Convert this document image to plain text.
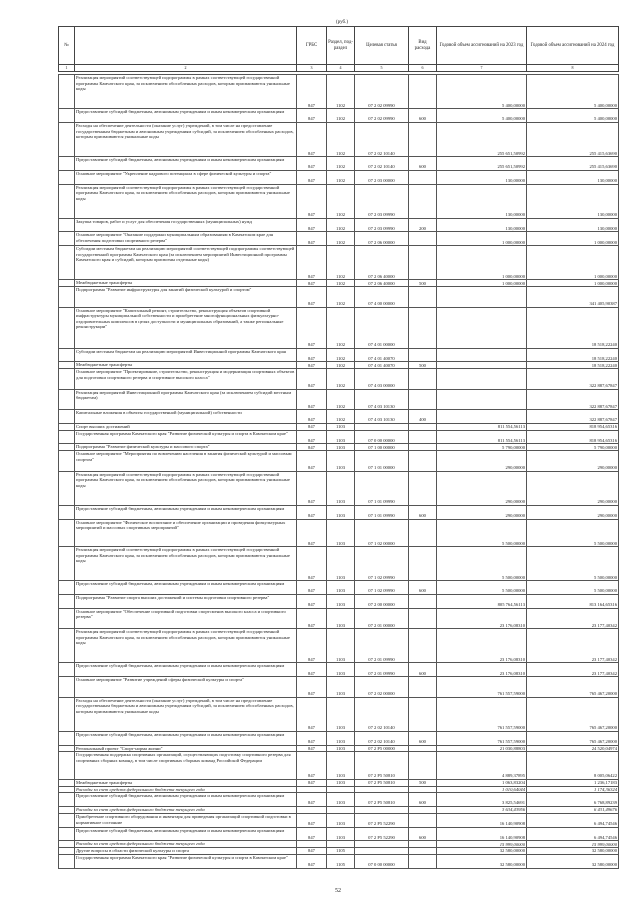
(руб.)
№		ГРБС	Раздел, под-раздел	Целевая статья	Вид расхода	Годовой объем ассигнований на 2023 год	Годовой объем ассигнований на 2024 год
1	2	3	4	5	6	7	8
	Реализация мероприятий соответствующей подпрограммы в рамках соответствующей государственной программы Камчатского края, за исключением обособленных расходов, которым присваиваются уникальные коды	847	1102	07 2 02 09990		5 400,00000	5 400,00000
	Предоставление субсидий бюджетным, автономным учреждениям и иным некоммерческим организациям	847	1102	07 2 02 09990	600	5 400,00000	5 400,00000
	Расходы на обеспечение деятельности (оказание услуг) учреждений, в том числе на предоставление государственным бюджетным и автономным учреждениям субсидий, за исключением обособленных расходов, которым присваиваются уникальные коды	847	1102	07 2 02 10140		255 651,50992	255 415,63690
	Предоставление субсидий бюджетным, автономным учреждениям и иным некоммерческим организациям	847	1102	07 2 02 10140	600	255 651,50992	255 415,63690
	Основное мероприятие "Укрепление кадрового потенциала в сфере физической культуры и спорта"	847	1102	07 2 03 00000		130,00000	130,00000
	Реализация мероприятий соответствующей подпрограммы в рамках соответствующей государственной программы Камчатского края, за исключением обособленных расходов, которым присваиваются уникальные коды	847	1102	07 2 03 09990		130,00000	130,00000
	Закупка товаров, работ и услуг для обеспечения государственных (муниципальных) нужд	847	1102	07 2 03 09990	200	130,00000	130,00000
	Основное мероприятие "Оказание поддержки муниципальным образованиям в Камчатском крае для обеспечения подготовки спортивного резерва"	847	1102	07 2 06 00000		1 000,00000	1 000,00000
	Субсидии местным бюджетам на реализацию мероприятий соответствующей подпрограммы соответствующей государственной программы Камчатского края (за исключением мероприятий Инвестиционной программы Камчатского края и субсидий, которым присвоены отдельные коды)	847	1102	07 2 06 40000		1 000,00000	1 000,00000
	Межбюджетные трансферты	847	1102	07 2 06 40000	500	1 000,00000	1 000,00000
	Подпрограмма "Развитие инфраструктуры для занятий физической культурой и спортом"	847	1102	07 4 00 00000			341 405,90387
	Основное мероприятие "Капитальный ремонт, строительство, реконструкция объектов спортивной инфраструктуры муниципальной собственности и приобретение многофункциональных физкультурно-оздоровительных комплексов в целях доступности и муниципальных образований, а также региональные реконструкции"	847	1102	07 4 01 00000			18 518,22240
	Субсидии местным бюджетам на реализацию мероприятий Инвестиционной программы Камчатского края	847	1102	07 4 01 40070			18 518,22240
	Межбюджетные трансферты	847	1102	07 4 01 40070	500		18 518,22240
	Основное мероприятие "Проектирование, строительство, реконструкция и модернизация спортивных объектов для подготовки спортивного резерва и спортивное высокого класса"	847	1102	07 4 03 00000			322 887,67847
	Реализация мероприятий Инвестиционной программы Камчатского края (за исключением субсидий местным бюджетам)	847	1102	07 4 03 10130			322 887,67847
	Капитальные вложения в объекты государственной (муниципальной) собственности	847	1102	07 4 03 10130	400		322 887,67847
	Спорт высших достижений	847	1103			811 554,56113	818 954,65316
	Государственная программа Камчатского края "Развитие физической культуры и спорта в Камчатском крае"	847	1103	07 0 00 00000		811 554,56113	818 954,65316
	Подпрограмма "Развитие физической культуры и массового спорта"	847	1103	07 1 00 00000		5 790,00000	5 790,00000
	Основное мероприятие "Мероприятия по вовлечению населения в занятия физической культурой и массовым спортом"	847	1103	07 1 01 00000		290,00000	290,00000
	Реализация мероприятий соответствующей подпрограммы в рамках соответствующей государственной программы Камчатского края, за исключением обособленных расходов, которым присваиваются уникальные коды	847	1103	07 1 01 09990		290,00000	290,00000
	Предоставление субсидий бюджетным, автономным учреждениям и иным некоммерческим организациям	847	1103	07 1 01 09990	600	290,00000	290,00000
	Основное мероприятие "Физическое воспитание и обеспечение организации и проведения физкультурных мероприятий и массовых спортивных мероприятий"	847	1103	07 1 02 00000		5 500,00000	5 500,00000
	Реализация мероприятий соответствующей подпрограммы в рамках соответствующей государственной программы Камчатского края, за исключением обособленных расходов, которым присваиваются уникальные коды	847	1103	07 1 02 09990		5 500,00000	5 500,00000
	Предоставление субсидий бюджетным, автономным учреждениям и иным некоммерческим организациям	847	1103	07 1 02 09990	600	5 500,00000	5 500,00000
	Подпрограмма "Развитие спорта высших достижений и системы подготовки спортивного резерва"	847	1103	07 2 00 00000		805 764,56113	813 164,65316
	Основное мероприятие "Обеспечение спортивной подготовки спортсменов высокого класса и спортивного резерва"	847	1103	07 2 01 00000		23 176,08310	23 177,40342
	Реализация мероприятий соответствующей подпрограммы в рамках соответствующей государственной программы Камчатского края, за исключением обособленных расходов, которым присваиваются уникальные коды	847	1103	07 2 01 09990		23 176,08310	23 177,40342
	Предоставление субсидий бюджетным, автономным учреждениям и иным некоммерческим организациям	847	1103	07 2 01 09990	600	23 176,08310	23 177,40342
	Основное мероприятие "Развитие учреждений сферы физической культуры и спорта"	847	1103	07 2 02 00000		761 557,59000	765 467,20000
	Расходы на обеспечение деятельности (оказание услуг) учреждений, в том числе на предоставление государственным бюджетным и автономным учреждениям субсидий, за исключением обособленных расходов, которым присваиваются уникальные коды	847	1103	07 2 02 10140		761 557,59000	765 467,20000
	Предоставление субсидий бюджетным, автономным учреждениям и иным некоммерческим организациям	847	1103	07 2 02 10140	600	761 557,59000	765 467,20000
	Региональный проект "Спорт-норма жизни"	847	1103	07 2 P5 00000		21 030,88803	24 520,04974
	Государственная поддержка спортивных организаций, осуществляющих подготовку спортивного резерва для спортивных сборных команд, в том числе спортивных сборных команд Российской Федерации	847	1103	07 2 P5 50810		4 889,37895	8 005,06422
	Межбюджетные трансферты	847	1103	07 2 P5 50810	500	1 063,83204	1 236,17183
	Расходы за счет средств федерального бюджета текущего года					1 010,64044	1 174,36324
	Предоставление субсидий бюджетным, автономным учреждениям и иным некоммерческим организациям	847	1103	07 2 P5 50810	600	3 825,54691	6 768,89239
	Расходы за счет средств федерального бюджета текущего года					3 634,43956	6 431,49676
	Приобретение спортивного оборудования и инвентаря для приведения организаций спортивной подготовки в нормативное состояние	847	1103	07 2 P5 52290		16 140,90908	6 494,74546
	Предоставление субсидий бюджетным, автономным учреждениям и иным некоммерческим организациям	847	1103	07 2 P5 52290	600	16 140,90908	6 494,74546
	Расходы за счет средств федерального бюджета текущего года					15 999,00000	15 999,00000
	Другие вопросы в области физической культуры и спорта	847	1105			32 580,00000	32 580,00000
	Государственная программа Камчатского края "Развитие физической культуры и спорта в Камчатском крае"	847	1105	07 0 00 00000		32 580,00000	32 580,00000
52
